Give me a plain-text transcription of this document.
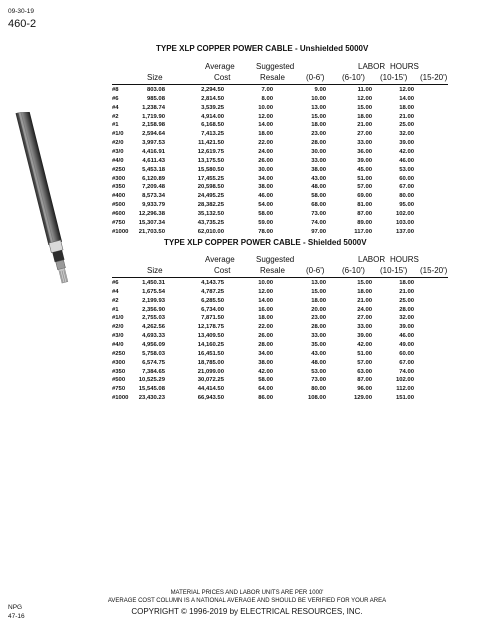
09-30-19
460-2
TYPE XLP COPPER POWER CABLE - Unshielded 5000V
Average	Suggested	LABOR HOURS
Size	Cost	Resale	(0-6') (6-10') (10-15') (15-20')
#8	803.08	2,294.50	7.00	9.00	11.00	12.00
#6	985.08	2,814.50	8.00	10.00	12.00	14.00
#4	1,238.74	3,539.25	10.00	13.00	15.00	18.00
#2	1,719.90	4,914.00	12.00	15.00	18.00	21.00
#1	2,158.98	6,168.50	14.00	18.00	21.00	25.00
#1/0	2,594.64	7,413.25	18.00	23.00	27.00	32.00
#2/0	3,997.53	11,421.50	22.00	28.00	33.00	39.00
#3/0	4,416.91	12,619.75	24.00	30.00	36.00	42.00
#4/0	4,611.43	13,175.50	26.00	33.00	39.00	46.00
#250	5,453.18	15,580.50	30.00	38.00	45.00	53.00
#300	6,120.89	17,455.25	34.00	43.00	51.00	60.00
#350	7,209.48	20,598.50	38.00	48.00	57.00	67.00
#400	8,573.34	24,495.25	46.00	58.00	69.00	80.00
#500	9,933.79	28,382.25	54.00	68.00	81.00	95.00
#600 12,296.38	35,132.50	58.00	73.00	87.00	102.00
#750 15,307.34	43,735.25	59.00	74.00	89.00	103.00
#1000 21,703.50	62,010.00	78.00	97.00	117.00	137.00
TYPE XLP COPPER POWER CABLE - Shielded 5000V
Average	Suggested	LABOR HOURS
Size	Cost	Resale	(0-6') (6-10') (10-15') (15-20')
#6	1,450.31	4,143.75	10.00	13.00	15.00	18.00
#4	1,675.54	4,787.25	12.00	15.00	18.00	21.00
#2	2,199.93	6,285.50	14.00	18.00	21.00	25.00
#1	2,356.90	6,734.00	16.00	20.00	24.00	28.00
#1/0	2,755.03	7,871.50	18.00	23.00	27.00	32.00
#2/0	4,262.56	12,178.75	22.00	28.00	33.00	39.00
#3/0	4,693.33	13,409.50	26.00	33.00	39.00	46.00
#4/0	4,956.09	14,160.25	28.00	35.00	42.00	49.00
#250	5,758.03	16,451.50	34.00	43.00	51.00	60.00
#300	6,574.75	18,785.00	38.00	48.00	57.00	67.00
#350	7,384.65	21,099.00	42.00	53.00	63.00	74.00
#500 10,525.29	30,072.25	58.00	73.00	87.00	102.00
#750 15,545.08	44,414.50	64.00	80.00	96.00	112.00
#1000 23,430.23	66,943.50	86.00	108.00	129.00	151.00
MATERIAL PRICES AND LABOR UNITS ARE PER 1000'
AVERAGE COST COLUMN IS A NATIONAL AVERAGE AND SHOULD BE VERIFIED FOR YOUR AREA
COPYRIGHT © 1996-2019 by ELECTRICAL RESOURCES, INC.
NPG
47-16
